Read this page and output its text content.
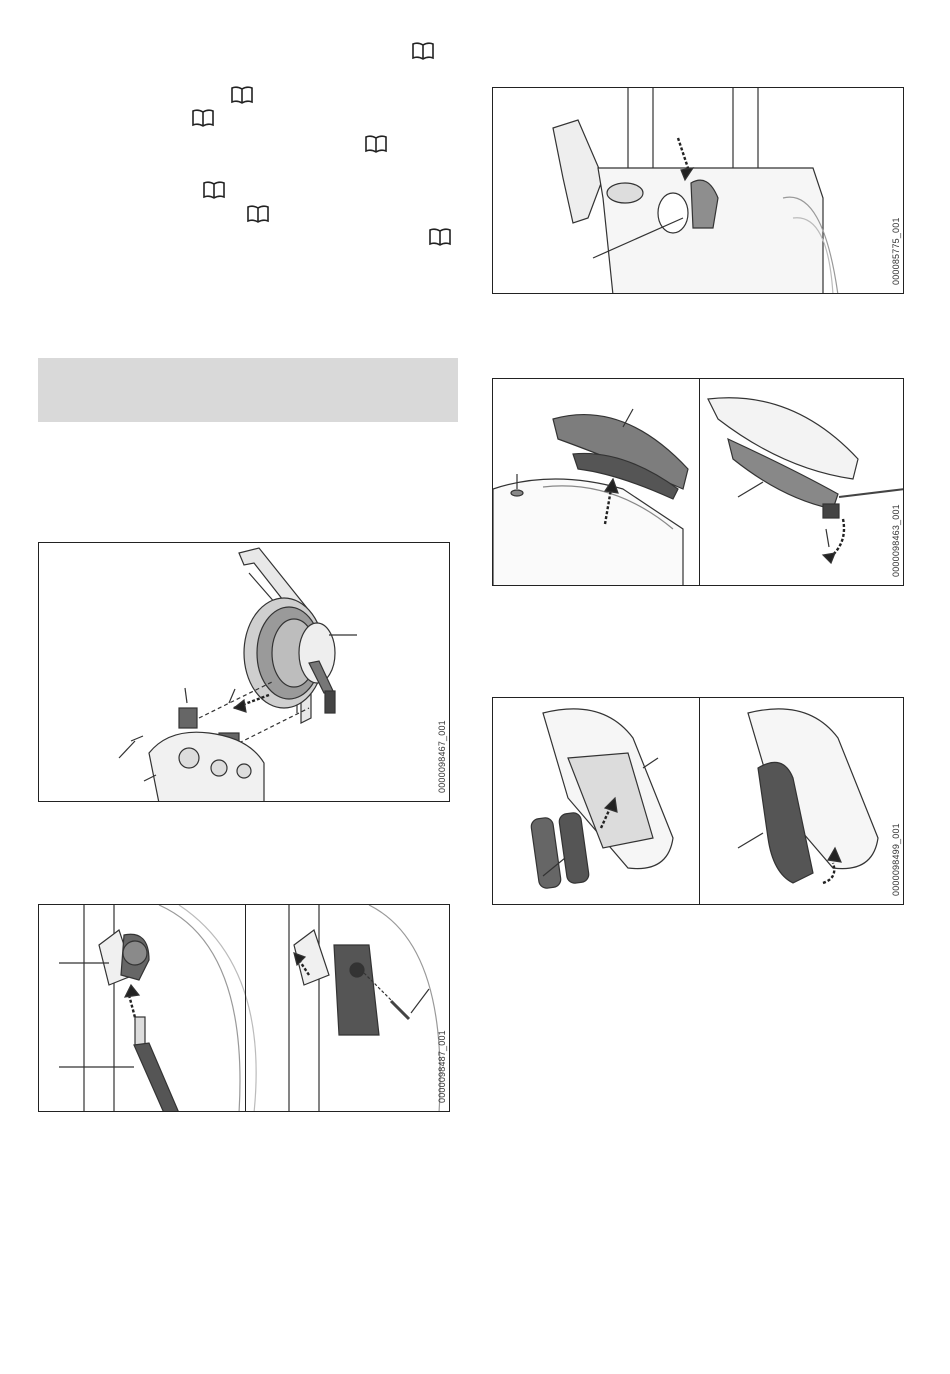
0000098467_001
0000098487_001
000085775_001
0000098463_001
0000098499_001
